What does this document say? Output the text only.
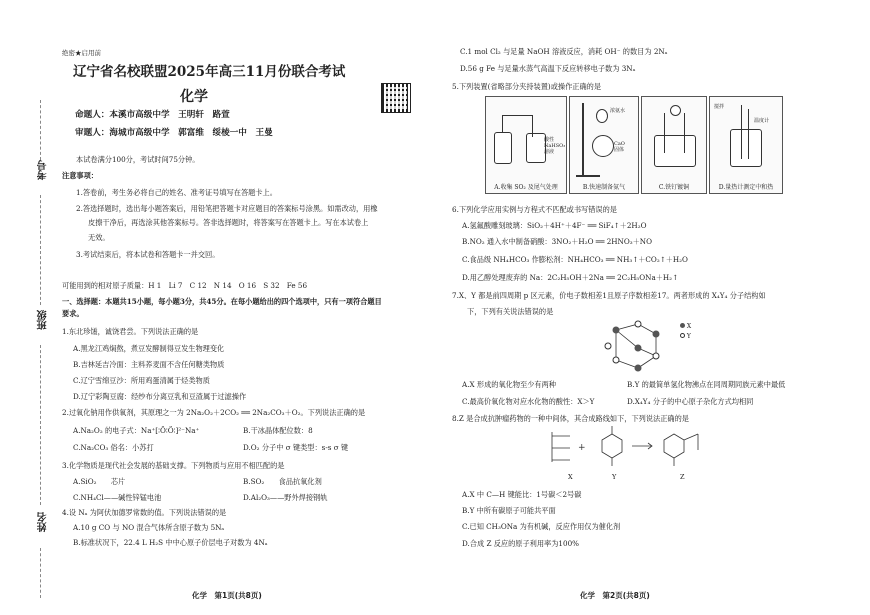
考号
班级
姓名
绝密★启用前
辽宁省名校联盟2025年高三11月份联合考试
化学
命题人：本溪市高级中学　王明轩　路萱
审题人：海城市高级中学　郭富维　绥棱一中　王曼
本试卷满分100分，考试时间75分钟。
注意事项：
1.答卷前，考生务必将自己的姓名、准考证号填写在答题卡上。
2.答选择题时，选出每小题答案后，用铅笔把答题卡对应题目的答案标号涂黑。如需改动，用橡
皮擦干净后，再选涂其他答案标号。答非选择题时，将答案写在答题卡上。写在本试卷上
无效。
3.考试结束后，将本试卷和答题卡一并交回。
可能用到的相对原子质量：H 1　Li 7　C 12　N 14　O 16　S 32　Fe 56
一、选择题：本题共15小题，每小题3分，共45分。在每小题给出的四个选项中，只有一项符合题目
要求。
1.东北珍馐，诚饶君尝。下列说法正确的是
A.黑龙江鸡焖熬，煮豆发酵制得豆发生物理变化
B.吉林延吉冷面：主料荞麦面不含任何糖类物质
C.辽宁雪绵豆沙：所用鸡蛋清属于烃类物质
D.辽宁彩陶豆腐：经纱布分离豆乳和豆渣属于过滤操作
2.过氧化钠用作供氧剂，其原理之一为 2Na₂O₂＋2CO₂ ══ 2Na₂CO₃＋O₂。下列说法正确的是
A.Na₂O₂ 的电子式：Na⁺[∶Ö∶Ö∶]²⁻Na⁺	B.干冰晶体配位数：8
C.Na₂CO₃ 俗名：小苏打	D.O₂ 分子中 σ 键类型：s-s σ 键
3.化学物质是现代社会发展的基础支撑。下列物质与应用不相匹配的是
A.SiO₂　　芯片	B.SO₂　　食品抗氧化剂
C.NH₄Cl——碱性锌锰电池	D.Al₂O₃——野外焊接钢轨
4.设 Nₐ 为阿伏加德罗常数的值。下列说法错误的是
A.10 g CO 与 NO 混合气体所含原子数为 5Nₐ
B.标准状况下，22.4 L H₂S 中中心原子价层电子对数为 4Nₐ
化学　第1页(共8页)
C.1 mol Cl₂ 与足量 NaOH 溶液反应，消耗 OH⁻ 的数目为 2Nₐ
D.56 g Fe 与足量水蒸气高温下反应转移电子数为 3Nₐ
5.下列装置(省略部分夹持装置)或操作正确的是
酸性
NaHSO₃
溶液
A.收集 SO₂ 及尾气处理
浓氨水
CaO
固体
B.快速制备氨气	C.铁钉镀铜
搅拌
温度计
D.量热计测定中和热
6.下列化学应用实例与方程式不匹配或书写错误的是
A.氢氟酸雕刻玻璃：SiO₂＋4H⁺＋4F⁻ ══ SiF₄↑＋2H₂O
B.NO₂ 通入水中制备硝酸：3NO₂＋H₂O ══ 2HNO₃＋NO
C.食品级 NH₄HCO₃ 作膨松剂：NH₄HCO₃ ══ NH₃↑＋CO₂↑＋H₂O
D.用乙醇处理废弃的 Na：2C₂H₅OH＋2Na ══ 2C₂H₅ONa＋H₂↑
7.X、Y 都是前四周期 p 区元素，价电子数相差1且原子序数相差17。两者形成的 X₄Y₄ 分子结构如
下，下列有关说法错误的是
X
Y
A.X 形成的氧化物至少有两种	B.Y 的最简单氢化物沸点在同周期同族元素中最低
C.最高价氧化物对应水化物的酸性：X＞Y	D.X₄Y₄ 分子的中心原子杂化方式均相同
8.Z 是合成抗肿瘤药物的一种中间体，其合成路线如下，下列说法正确的是
+
X	Y	Z
A.X 中 C—H 键能比：1号碳＜2号碳
B.Y 中所有碳原子可能共平面
C.已知 CH₃ONa 为有机碱，反应作用仅为催化剂
D.合成 Z 反应的原子利用率为100%
化学　第2页(共8页)
